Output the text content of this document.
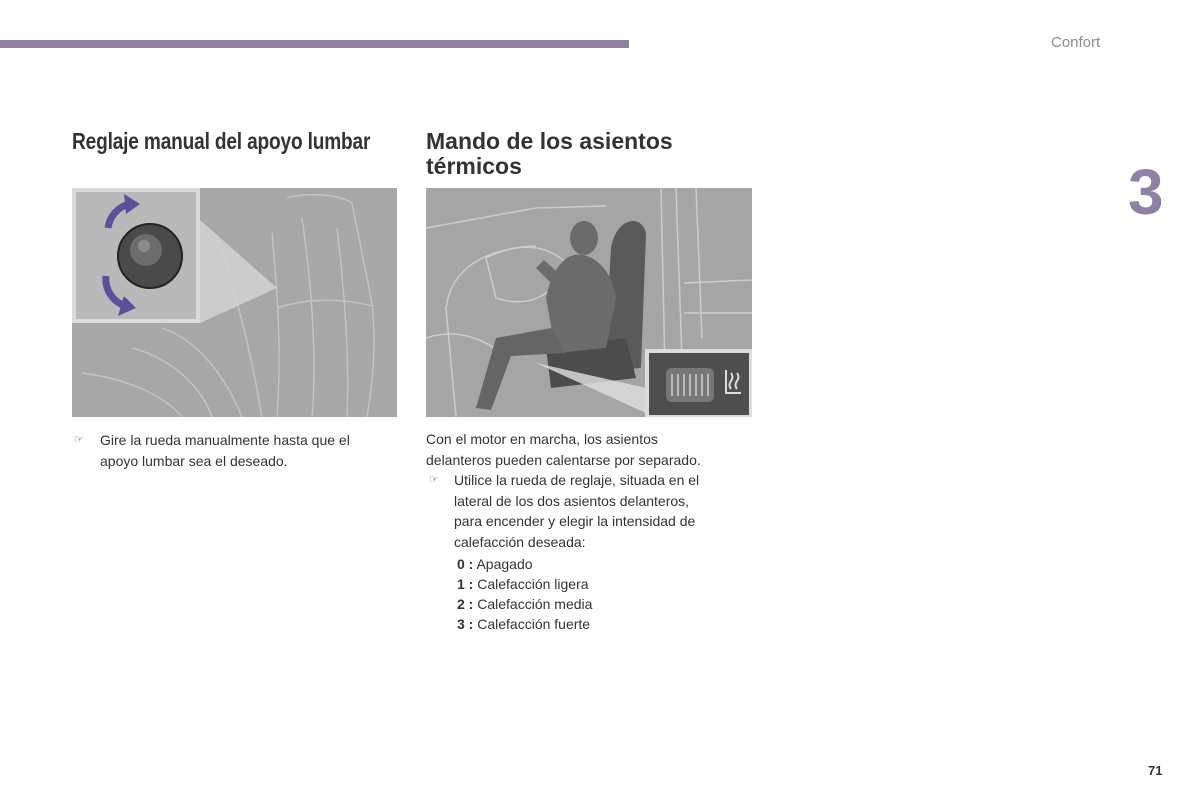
Confort
3
Reglaje manual del apoyo lumbar
☞ Gire la rueda manualmente hasta que el
apoyo lumbar sea el deseado.
Mando de los asientos
térmicos
Con el motor en marcha, los asientos
delanteros pueden calentarse por separado.
☞ Utilice la rueda de reglaje, situada en el
lateral de los dos asientos delanteros,
para encender y elegir la intensidad de
calefacción deseada:
0 : Apagado
1 : Calefacción ligera
2 : Calefacción media
3 : Calefacción fuerte
71
